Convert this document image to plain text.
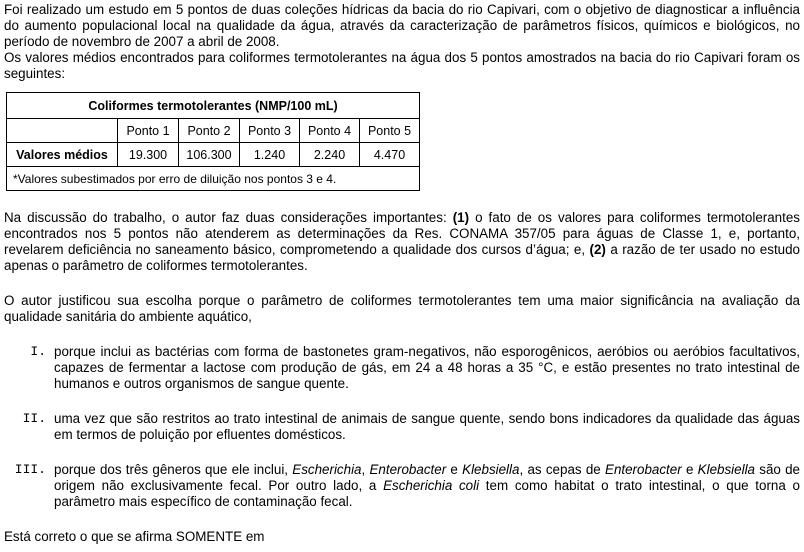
Foi realizado um estudo em 5 pontos de duas coleções hídricas da bacia do rio Capivari, com o objetivo de diagnosticar a influência do aumento populacional local na qualidade da água, através da caracterização de parâmetros físicos, químicos e biológicos, no período de novembro de 2007 a abril de 2008.

Os valores médios encontrados para coliformes termotolerantes na água dos 5 pontos amostrados na bacia do rio Capivari foram os seguintes:

Coliformes termotolerantes (NMP/100 mL)					
	Ponto 1	Ponto 2	Ponto 3	Ponto 4	Ponto 5
Valores médios	19.300	106.300	1.240	2.240	4.470
*Valores subestimados por erro de diluição nos pontos 3 e 4.					

Na discussão do trabalho, o autor faz duas considerações importantes: (1) o fato de os valores para coliformes termotolerantes encontrados nos 5 pontos não atenderem as determinações da Res. CONAMA 357/05 para águas de Classe 1, e, portanto, revelarem deficiência no saneamento básico, comprometendo a qualidade dos cursos d’água; e, (2) a razão de ter usado no estudo apenas o parâmetro de coliformes termotolerantes.

O autor justificou sua escolha porque o parâmetro de coliformes termotolerantes tem uma maior significância na avaliação da qualidade sanitária do ambiente aquático,

I. porque inclui as bactérias com forma de bastonetes gram-negativos, não esporogênicos, aeróbios ou aeróbios facultativos, capazes de fermentar a lactose com produção de gás, em 24 a 48 horas a 35 °C, e estão presentes no trato intestinal de humanos e outros organismos de sangue quente.
II. uma vez que são restritos ao trato intestinal de animais de sangue quente, sendo bons indicadores da qualidade das águas em termos de poluição por efluentes domésticos.
III. porque dos três gêneros que ele inclui, Escherichia, Enterobacter e Klebsiella, as cepas de Enterobacter e Klebsiella são de origem não exclusivamente fecal. Por outro lado, a Escherichia coli tem como habitat o trato intestinal, o que torna o parâmetro mais específico de contaminação fecal.

Está correto o que se afirma SOMENTE em
